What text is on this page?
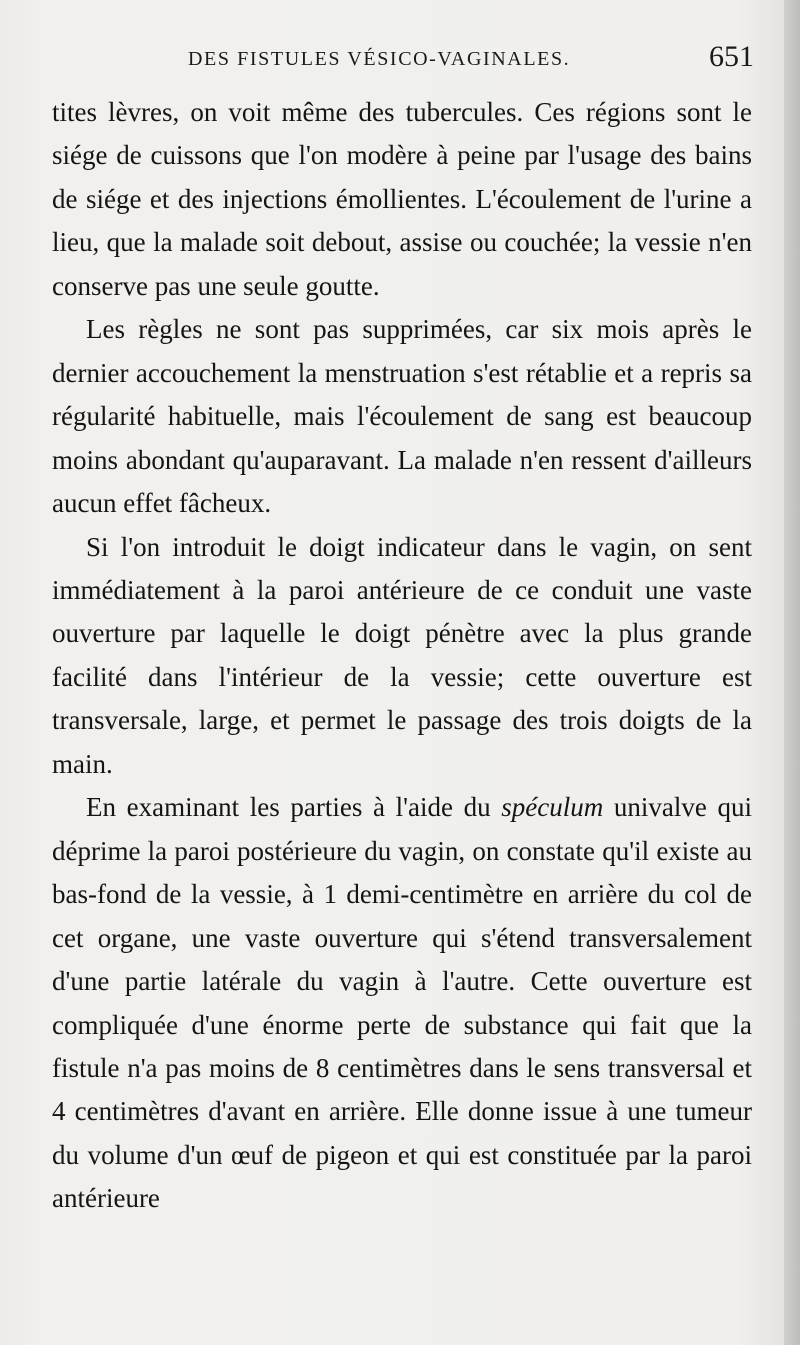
DES FISTULES VÉSICO-VAGINALES.	651

tites lèvres, on voit même des tubercules. Ces régions sont le siége de cuissons que l'on modère à peine par l'usage des bains de siége et des injections émollientes. L'écoulement de l'urine a lieu, que la malade soit debout, assise ou couchée; la vessie n'en conserve pas une seule goutte.

Les règles ne sont pas supprimées, car six mois après le dernier accouchement la menstruation s'est rétablie et a repris sa régularité habituelle, mais l'écoulement de sang est beaucoup moins abondant qu'auparavant. La malade n'en ressent d'ailleurs aucun effet fâcheux.

Si l'on introduit le doigt indicateur dans le vagin, on sent immédiatement à la paroi antérieure de ce conduit une vaste ouverture par laquelle le doigt pénètre avec la plus grande facilité dans l'intérieur de la vessie; cette ouverture est transversale, large, et permet le passage des trois doigts de la main.

En examinant les parties à l'aide du spéculum univalve qui déprime la paroi postérieure du vagin, on constate qu'il existe au bas-fond de la vessie, à 1 demi-centimètre en arrière du col de cet organe, une vaste ouverture qui s'étend transversalement d'une partie latérale du vagin à l'autre. Cette ouverture est compliquée d'une énorme perte de substance qui fait que la fistule n'a pas moins de 8 centimètres dans le sens transversal et 4 centimètres d'avant en arrière. Elle donne issue à une tumeur du volume d'un œuf de pigeon et qui est constituée par la paroi antérieure
